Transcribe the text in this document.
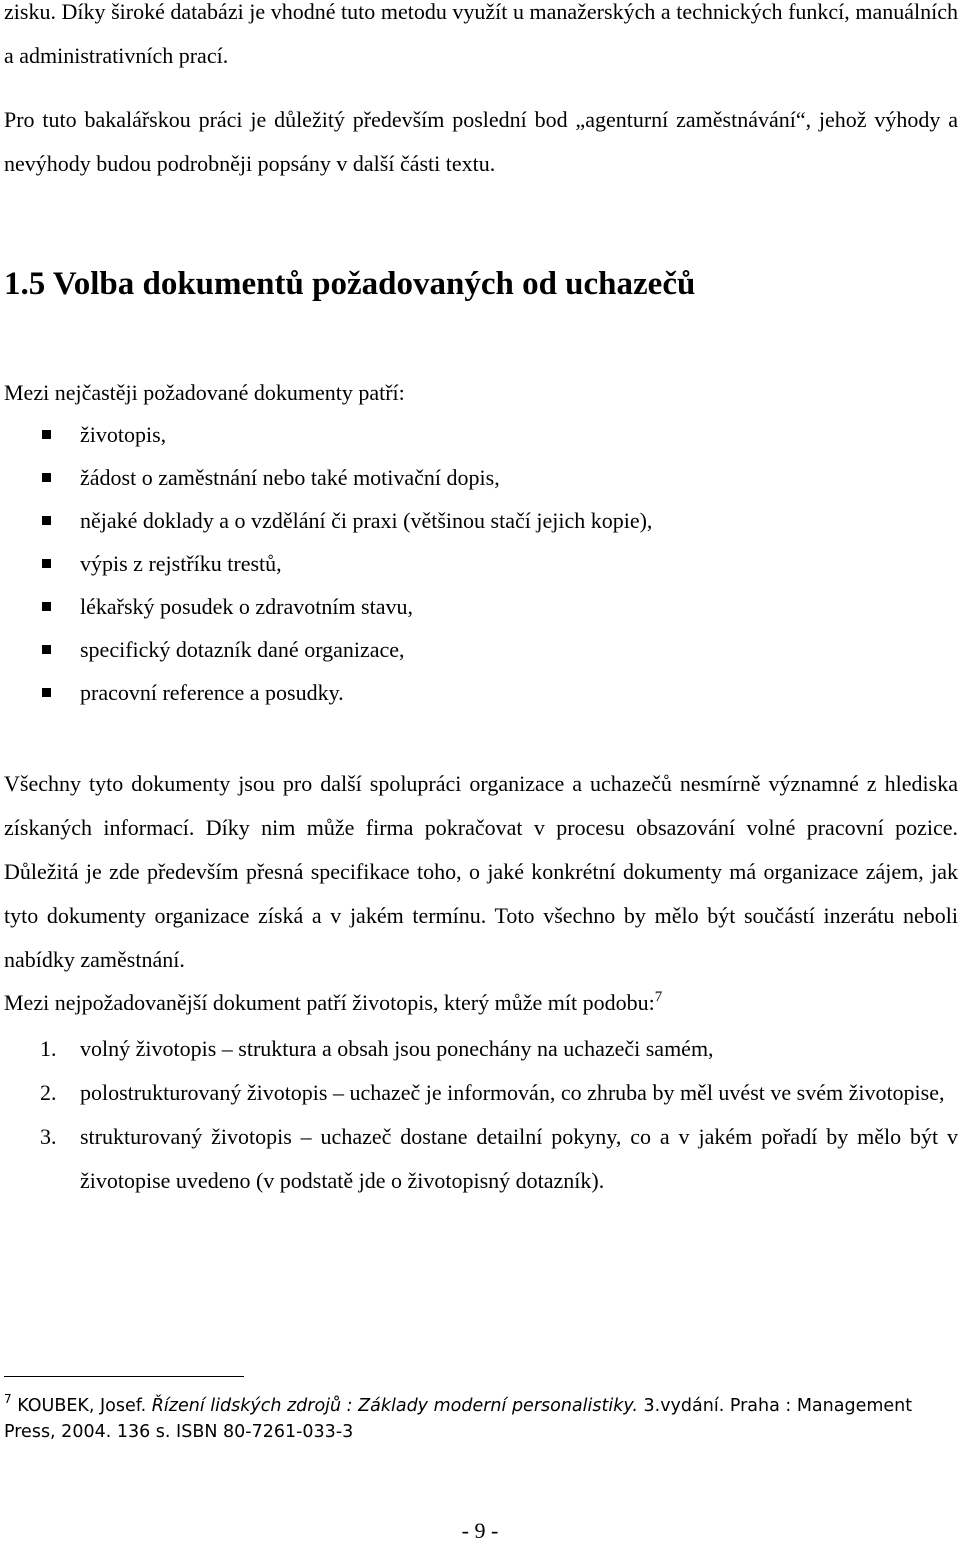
zisku. Díky široké databázi je vhodné tuto metodu využít u manažerských a technických funkcí, manuálních a administrativních prací.

Pro tuto bakalářskou práci je důležitý především poslední bod „agenturní zaměstnávání“, jehož výhody a nevýhody budou podrobněji popsány v další části textu.

1.5 Volba dokumentů požadovaných od uchazečů

Mezi nejčastěji požadované dokumenty patří:

životopis,
žádost o zaměstnání nebo také motivační dopis,
nějaké doklady a o vzdělání či praxi (většinou stačí jejich kopie),
výpis z rejstříku trestů,
lékařský posudek o zdravotním stavu,
specifický dotazník dané organizace,
pracovní reference a posudky.

Všechny tyto dokumenty jsou pro další spolupráci organizace a uchazečů nesmírně významné z hlediska získaných informací. Díky nim může firma pokračovat v procesu obsazování volné pracovní pozice. Důležitá je zde především přesná specifikace toho, o jaké konkrétní dokumenty má organizace zájem, jak tyto dokumenty organizace získá a v jakém termínu. Toto všechno by mělo být součástí inzerátu neboli nabídky zaměstnání.

Mezi nejpožadovanější dokument patří životopis, který může mít podobu:$^7$

1. volný životopis – struktura a obsah jsou ponechány na uchazeči samém,
2. polostrukturovaný životopis – uchazeč je informován, co zhruba by měl uvést ve svém životopise,
3. strukturovaný životopis – uchazeč dostane detailní pokyny, co a v jakém pořadí by mělo být v životopise uvedeno (v podstatě jde o životopisný dotazník).

$^7$ KOUBEK, Josef. Řízení lidských zdrojů : Základy moderní personalistiky. 3.vydání. Praha : Management Press, 2004. 136 s. ISBN 80-7261-033-3

- 9 -
